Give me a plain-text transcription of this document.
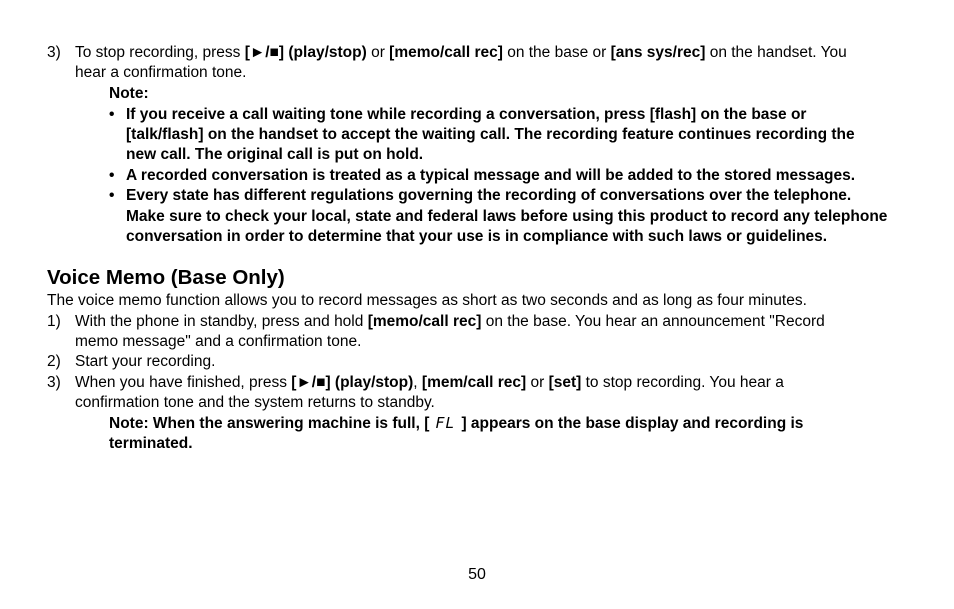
3) To stop recording, press [►/■] (play/stop) or [memo/call rec] on the base or [ans sys/rec] on the handset. You
hear a confirmation tone.
Note:
• If you receive a call waiting tone while recording a conversation, press [flash] on the base or
[talk/flash] on the handset to accept the waiting call. The recording feature continues recording the
new call. The original call is put on hold.
• A recorded conversation is treated as a typical message and will be added to the stored messages.
• Every state has different regulations governing the recording of conversations over the telephone.
Make sure to check your local, state and federal laws before using this product to record any telephone
conversation in order to determine that your use is in compliance with such laws or guidelines.
Voice Memo (Base Only)
The voice memo function allows you to record messages as short as two seconds and as long as four minutes.
1) With the phone in standby, press and hold [memo/call rec] on the base. You hear an announcement "Record
memo message" and a confirmation tone.
2) Start your recording.
3) When you have finished, press [►/■] (play/stop), [mem/call rec] or [set] to stop recording. You hear a
confirmation tone and the system returns to standby.
Note: When the answering machine is full, [ FL ] appears on the base display and recording is
terminated.
50
